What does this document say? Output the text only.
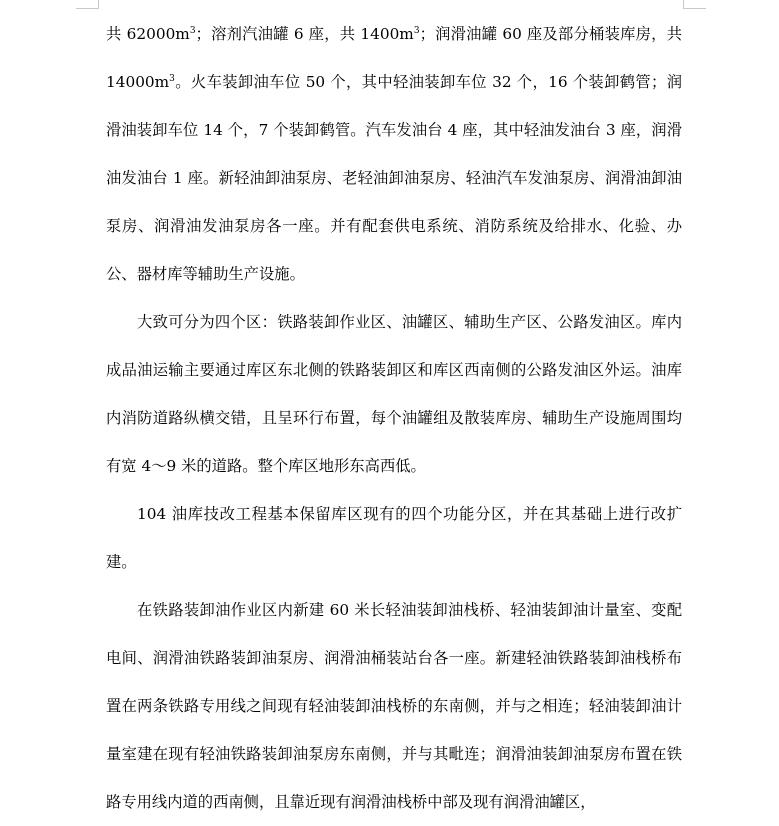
共 $62000m^3$；溶剂汽油罐 6 座，共 $1400m^3$；润滑油罐 60 座及部分桶装库房，共 $14000m^3$。火车装卸油车位 50 个，其中轻油装卸车位 32 个，16 个装卸鹤管；润滑油装卸车位 14 个，7 个装卸鹤管。汽车发油台 4 座，其中轻油发油台 3 座，润滑油发油台 1 座。新轻油卸油泵房、老轻油卸油泵房、轻油汽车发油泵房、润滑油卸油泵房、润滑油发油泵房各一座。并有配套供电系统、消防系统及给排水、化验、办公、器材库等辅助生产设施。

大致可分为四个区：铁路装卸作业区、油罐区、辅助生产区、公路发油区。库内成品油运输主要通过库区东北侧的铁路装卸区和库区西南侧的公路发油区外运。油库内消防道路纵横交错，且呈环行布置，每个油罐组及散装库房、辅助生产设施周围均有宽 4～9 米的道路。整个库区地形东高西低。

104 油库技改工程基本保留库区现有的四个功能分区，并在其基础上进行改扩建。

在铁路装卸油作业区内新建 60 米长轻油装卸油栈桥、轻油装卸油计量室、变配电间、润滑油铁路装卸油泵房、润滑油桶装站台各一座。新建轻油铁路装卸油栈桥布置在两条铁路专用线之间现有轻油装卸油栈桥的东南侧，并与之相连；轻油装卸油计量室建在现有轻油铁路装卸油泵房东南侧，并与其毗连；润滑油装卸油泵房布置在铁路专用线内道的西南侧，且靠近现有润滑油栈桥中部及现有润滑油罐区，
